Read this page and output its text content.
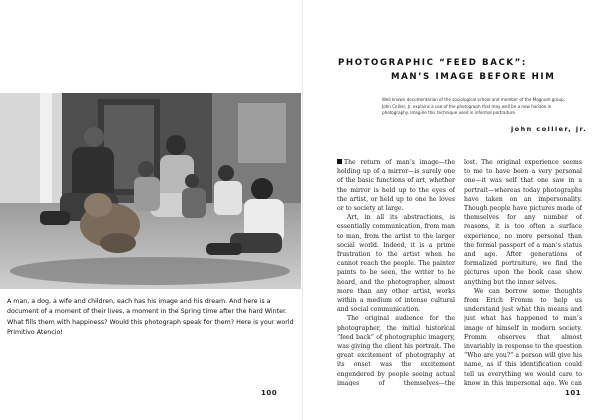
A man, a dog, a wife and children, each has his image and his dream. And here is a document of a moment of their lives, a moment in the Spring time after the hard Winter. What fills them with happiness? Would this photograph speak for them? Here is your world Primitivo Atencio!

100

PHOTOGRAPHIC “FEED BACK”:
MAN’S IMAGE BEFORE HIM

Well known documentarian of the sociological school and member of the Magnum group, John Collier, Jr. explains a use of the photograph that may well be a new horizon in photography. Imagine this technique used in informal portraiture.

john collier, jr.

The return of man’s image—the holding up of a mirror—is surely one of the basic functions of art, whether the mirror is held up to the eyes of the artist, or held up to one he loves or to society at large.

Art, in all its abstractions, is essentially communication, from man to man, from the artist to the larger social world. Indeed, it is a prime frustration to the artist when he cannot reach the people. The painter paints to be seen, the writer to be heard, and the photographer, almost more than any other artist, works within a medium of intense cultural and social communication.

The original audience for the photographer, the initial historical “feed back” of photographic imagery, was giving the client his portrait. The great excitement of photography at its onset was the excitement engendered by people seeing actual images of themselves—the

lost. The original experience seems to me to have been a very personal one—it was self that one saw in a portrait—whereas today photographs have taken on an impersonality. Though people have pictures made of themselves for any number of reasons, it is too often a surface experience, no more personal than the formal passport of a man’s status and age. After generations of formalized portraiture, we find the pictures upon the book case show anything but the inner selves.

We can borrow some thoughts from Erich Fromm to help us understand just what this means and just what has happened to man’s image of himself in modern society. Fromm observes that almost invariably in response to the question “Who are you?” a person will give his name, as if this identification could tell us everything we would care to know in this impersonal age. We can

101
